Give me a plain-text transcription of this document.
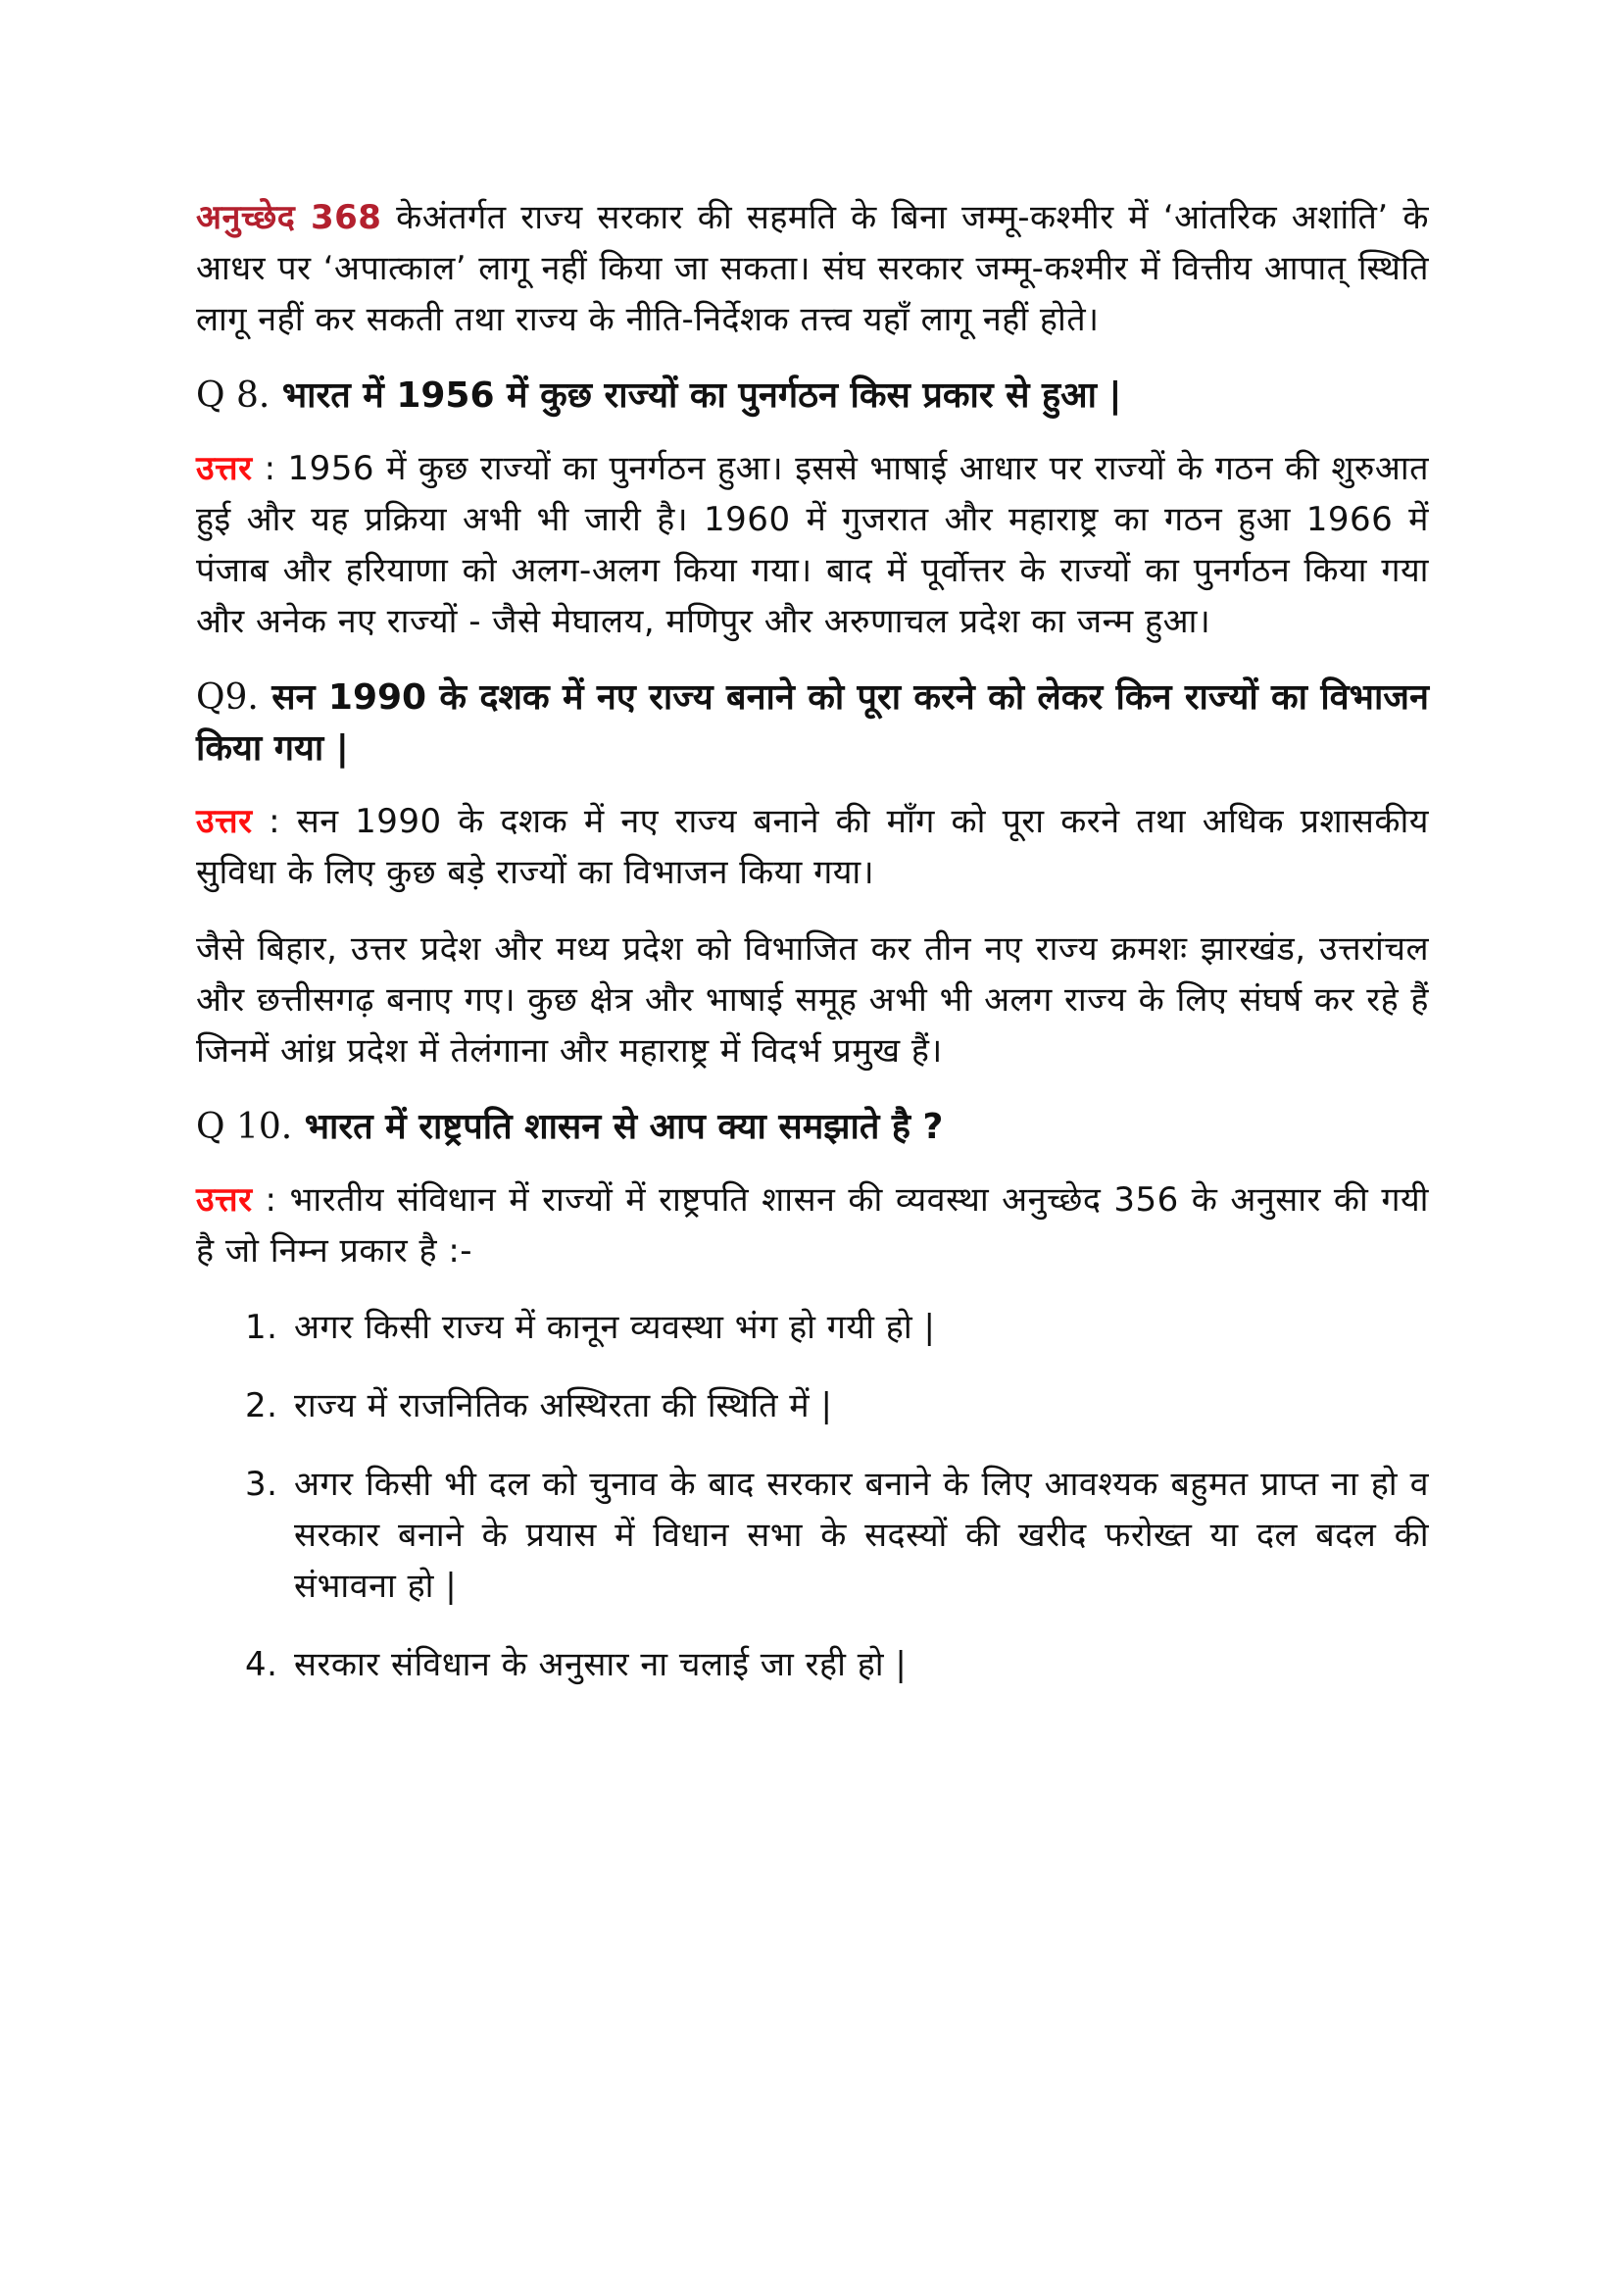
अनुच्छेद 368 केअंतर्गत राज्य सरकार की सहमति के बिना जम्मू-कश्मीर में ‘आंतरिक अशांति’ के आधर पर ‘अपात्काल’ लागू नहीं किया जा सकता। संघ सरकार जम्मू-कश्मीर में वित्तीय आपात् स्थिति लागू नहीं कर सकती तथा राज्य के नीति-निर्देशक तत्त्व यहाँ लागू नहीं होते।

Q 8. भारत में 1956 में कुछ राज्यों का पुनर्गठन किस प्रकार से हुआ |

उत्तर : 1956 में कुछ राज्यों का पुनर्गठन हुआ। इससे भाषाई आधार पर राज्यों के गठन की शुरुआत हुई और यह प्रक्रिया अभी भी जारी है। 1960 में गुजरात और महाराष्ट्र का गठन हुआ 1966 में पंजाब और हरियाणा को अलग-अलग किया गया। बाद में पूर्वोत्तर के राज्यों का पुनर्गठन किया गया और अनेक नए राज्यों - जैसे मेघालय, मणिपुर और अरुणाचल प्रदेश का जन्म हुआ।

Q9. सन 1990 के दशक में नए राज्य बनाने को पूरा करने को लेकर किन राज्यों का विभाजन किया गया |

उत्तर : सन 1990 के दशक में नए राज्य बनाने की माँग को पूरा करने तथा अधिक प्रशासकीय सुविधा के लिए कुछ बड़े राज्यों का विभाजन किया गया।

जैसे बिहार, उत्तर प्रदेश और मध्य प्रदेश को विभाजित कर तीन नए राज्य क्रमशः झारखंड, उत्तरांचल और छत्तीसगढ़ बनाए गए। कुछ क्षेत्र और भाषाई समूह अभी भी अलग राज्य के लिए संघर्ष कर रहे हैं जिनमें आंध्र प्रदेश में तेलंगाना और महाराष्ट्र में विदर्भ प्रमुख हैं।

Q 10. भारत में राष्ट्रपति शासन से आप क्या समझाते है ?

उत्तर : भारतीय संविधान में राज्यों में राष्ट्रपति शासन की व्यवस्था अनुच्छेद 356 के अनुसार की गयी है जो निम्न प्रकार है :-

1. अगर किसी राज्य में कानून व्यवस्था भंग हो गयी हो |
2. राज्य में राजनितिक अस्थिरता की स्थिति में |
3. अगर किसी भी दल को चुनाव के बाद सरकार बनाने के लिए आवश्यक बहुमत प्राप्त ना हो व सरकार बनाने के प्रयास में विधान सभा के सदस्यों की खरीद फरोख्त या दल बदल की संभावना हो |
4. सरकार संविधान के अनुसार ना चलाई जा रही हो |
